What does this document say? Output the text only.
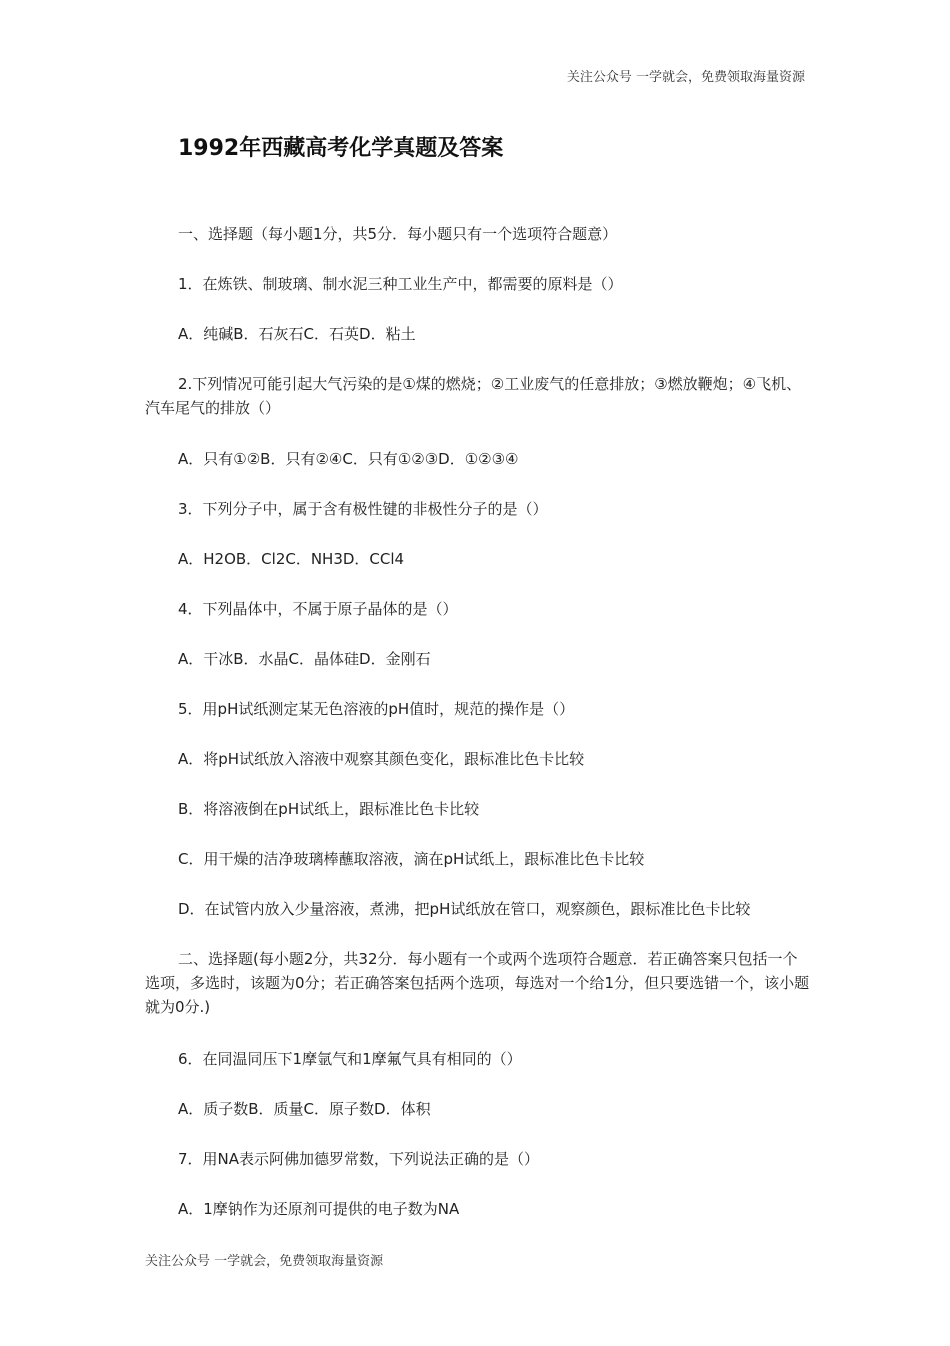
关注公众号 一学就会，免费领取海量资源
1992年西藏高考化学真题及答案
一、选择题（每小题1分，共5分．每小题只有一个选项符合题意）
1．在炼铁、制玻璃、制水泥三种工业生产中，都需要的原料是（）
A．纯碱B．石灰石C．石英D．粘土
2.下列情况可能引起大气污染的是①煤的燃烧；②工业废气的任意排放；③燃放鞭炮；④飞机、汽车尾气的排放（）
A．只有①②B．只有②④C．只有①②③D．①②③④
3．下列分子中，属于含有极性键的非极性分子的是（）
A．H2OB．Cl2C．NH3D．CCl4
4．下列晶体中，不属于原子晶体的是（）
A．干冰B．水晶C．晶体硅D．金刚石
5．用pH试纸测定某无色溶液的pH值时，规范的操作是（）
A．将pH试纸放入溶液中观察其颜色变化，跟标准比色卡比较
B．将溶液倒在pH试纸上，跟标准比色卡比较
C．用干燥的洁净玻璃棒蘸取溶液，滴在pH试纸上，跟标准比色卡比较
D．在试管内放入少量溶液，煮沸，把pH试纸放在管口，观察颜色，跟标准比色卡比较
二、选择题(每小题2分，共32分．每小题有一个或两个选项符合题意．若正确答案只包括一个选项，多选时，该题为0分；若正确答案包括两个选项，每选对一个给1分，但只要选错一个，该小题就为0分.)
6．在同温同压下1摩氩气和1摩氟气具有相同的（）
A．质子数B．质量C．原子数D．体积
7．用NA表示阿佛加德罗常数，下列说法正确的是（）
A．1摩钠作为还原剂可提供的电子数为NA
关注公众号 一学就会，免费领取海量资源
